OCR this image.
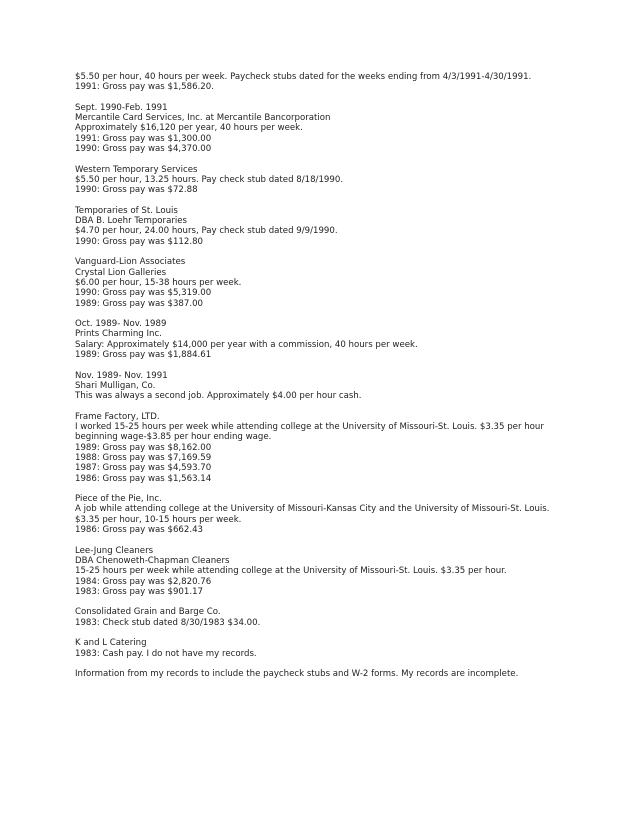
$5.50 per hour, 40 hours per week. Paycheck stubs dated for the weeks ending from 4/3/1991-4/30/1991.
1991: Gross pay was $1,586.20.
Sept. 1990-Feb. 1991
Mercantile Card Services, Inc. at Mercantile Bancorporation
Approximately $16,120 per year, 40 hours per week.
1991: Gross pay was $1,300.00
1990: Gross pay was $4,370.00
Western Temporary Services
$5.50 per hour, 13.25 hours. Pay check stub dated 8/18/1990.
1990: Gross pay was $72.88
Temporaries of St. Louis
DBA B. Loehr Temporaries
$4.70 per hour, 24.00 hours, Pay check stub dated 9/9/1990.
1990: Gross pay was $112.80
Vanguard-Lion Associates
Crystal Lion Galleries
$6.00 per hour, 15-38 hours per week.
1990: Gross pay was $5,319.00
1989: Gross pay was $387.00
Oct. 1989- Nov. 1989
Prints Charming Inc.
Salary: Approximately $14,000 per year with a commission, 40 hours per week.
1989: Gross pay was $1,884.61
Nov. 1989- Nov. 1991
Shari Mulligan, Co.
This was always a second job. Approximately $4.00 per hour cash.
Frame Factory, LTD.
I worked 15-25 hours per week while attending college at the University of Missouri-St. Louis. $3.35 per hour
beginning wage-$3.85 per hour ending wage.
1989: Gross pay was $8,162.00
1988: Gross pay was $7,169.59
1987: Gross pay was $4,593.70
1986: Gross pay was $1,563.14
Piece of the Pie, Inc.
A job while attending college at the University of Missouri-Kansas City and the University of Missouri-St. Louis.
$3.35 per hour, 10-15 hours per week.
1986: Gross pay was $662.43
Lee-Jung Cleaners
DBA Chenoweth-Chapman Cleaners
15-25 hours per week while attending college at the University of Missouri-St. Louis. $3.35 per hour.
1984: Gross pay was $2,820.76
1983: Gross pay was $901.17
Consolidated Grain and Barge Co.
1983: Check stub dated 8/30/1983 $34.00.
K and L Catering
1983: Cash pay. I do not have my records.
Information from my records to include the paycheck stubs and W-2 forms. My records are incomplete.
